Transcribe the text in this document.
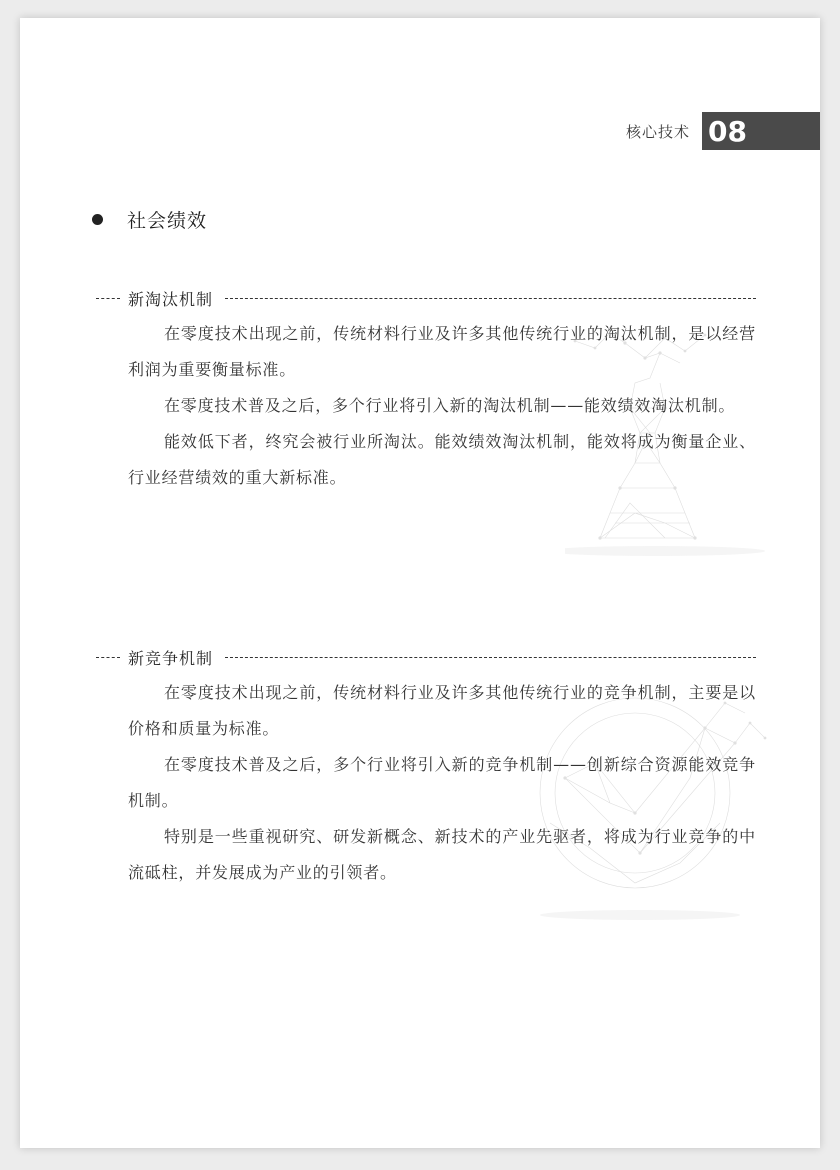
核心技术 08
社会绩效
新淘汰机制

在零度技术出现之前，传统材料行业及许多其他传统行业的淘汰机制，是以经营利润为重要衡量标准。

在零度技术普及之后，多个行业将引入新的淘汰机制——能效绩效淘汰机制。

能效低下者，终究会被行业所淘汰。能效绩效淘汰机制，能效将成为衡量企业、行业经营绩效的重大新标准。

新竞争机制

在零度技术出现之前，传统材料行业及许多其他传统行业的竞争机制，主要是以价格和质量为标准。

在零度技术普及之后，多个行业将引入新的竞争机制——创新综合资源能效竞争机制。

特别是一些重视研究、研发新概念、新技术的产业先驱者，将成为行业竞争的中流砥柱，并发展成为产业的引领者。
